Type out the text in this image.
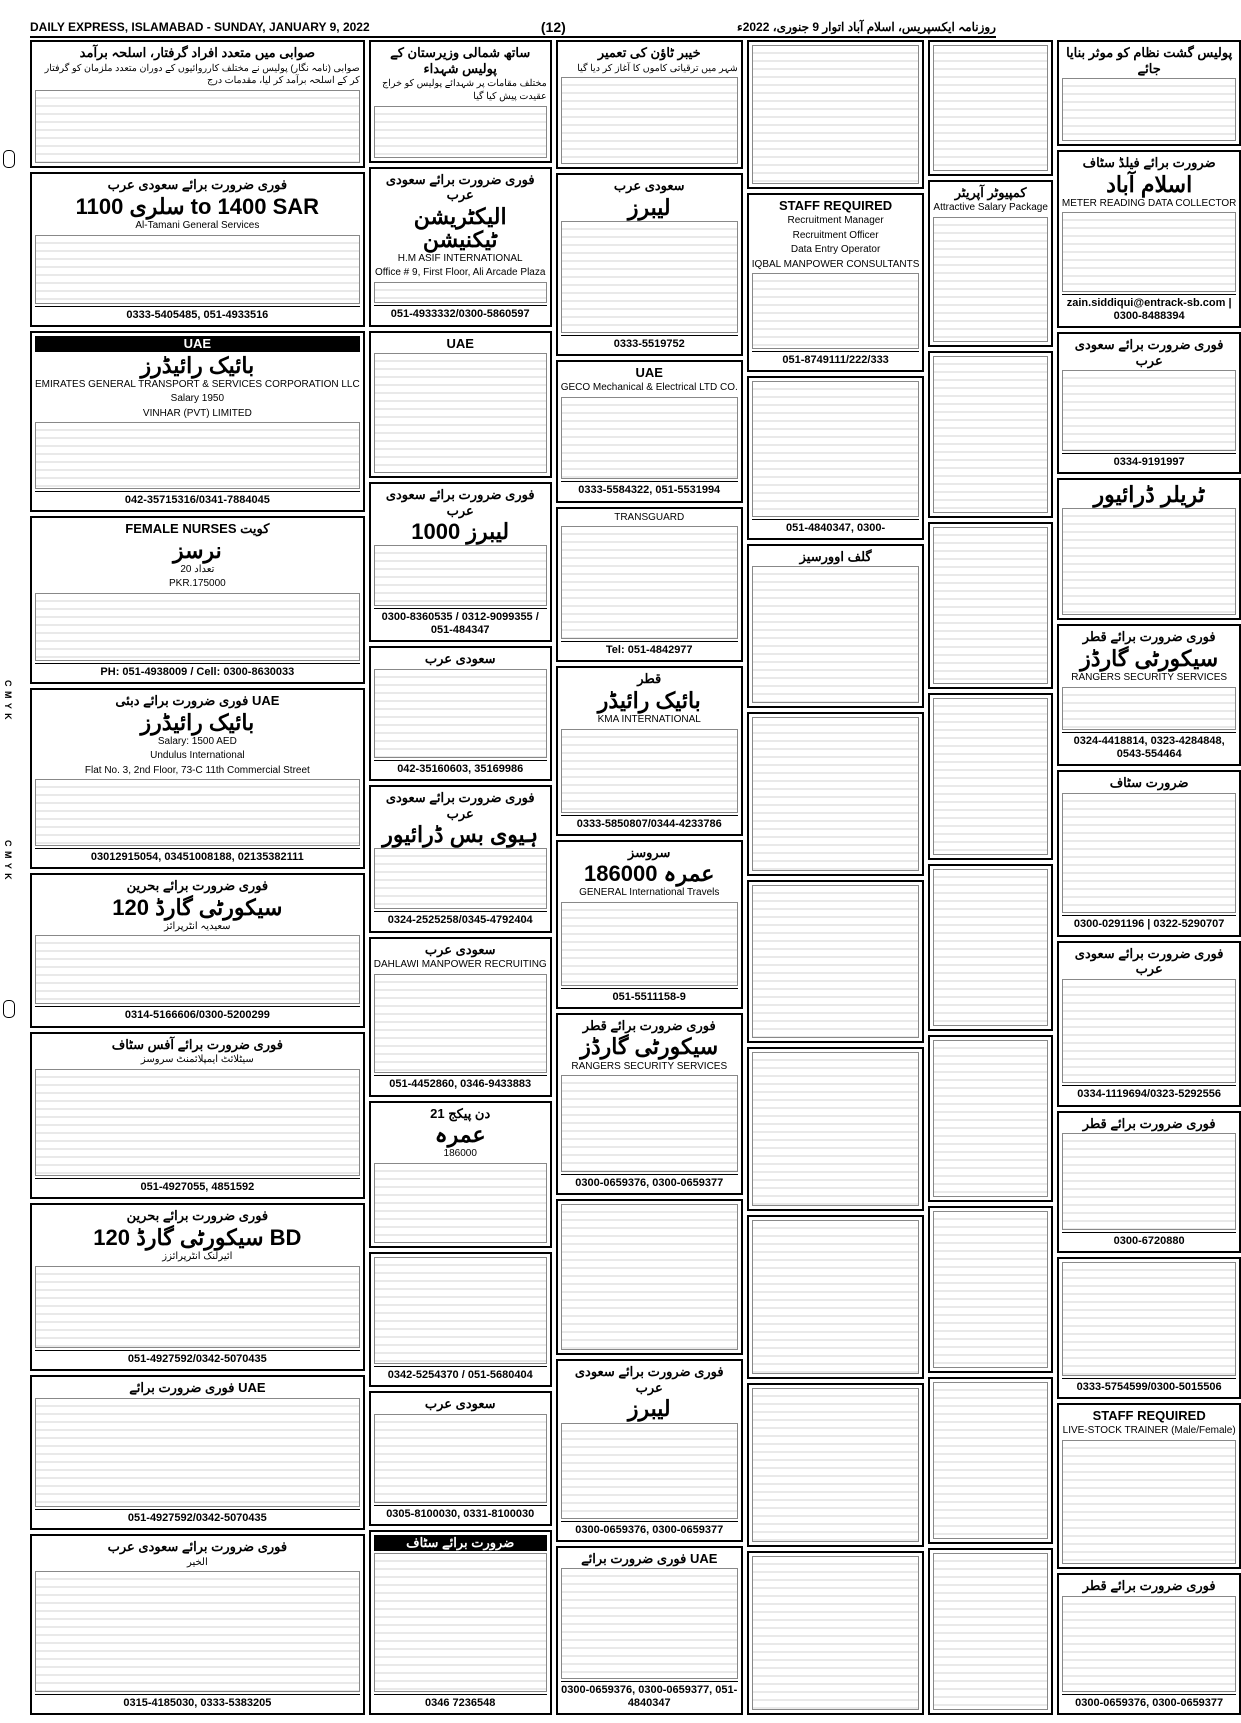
DAILY EXPRESS, ISLAMABAD - SUNDAY, JANUARY 9, 2022	(12)	روزنامہ ایکسپریس، اسلام آباد اتوار 9 جنوری، 2022ء
C M Y K
C M Y K
صوابی میں متعدد افراد گرفتار، اسلحہ برآمد
صوابی (نامہ نگار) پولیس نے مختلف کارروائیوں کے دوران متعدد ملزمان کو گرفتار کر کے اسلحہ برآمد کر لیا، مقدمات درج
فوری ضرورت برائے سعودی عرب
سلری 1100 to 1400 SAR
Al-Tamani General Services
0333-5405485, 051-4933516
UAE
بائیک رائیڈرز
EMIRATES GENERAL TRANSPORT & SERVICES CORPORATION LLC
Salary 1950
VINHAR (PVT) LIMITED
042-35715316/0341-7884045
FEMALE NURSES کویت
نرسز
تعداد 20
PKR.175000
PH: 051-4938009 / Cell: 0300-8630033
فوری ضرورت برائے دبئی UAE
بائیک رائیڈرز
Salary: 1500 AED
Undulus International
Flat No. 3, 2nd Floor, 73-C 11th Commercial Street
03012915054, 03451008188, 02135382111
فوری ضرورت برائے بحرین
سیکورٹی گارڈ 120
سعیدیہ انٹرپرائز
0314-5166606/0300-5200299
فوری ضرورت برائے آفس سٹاف
سیٹلائٹ ایمپلائمنٹ سروسز
051-4927055, 4851592
فوری ضرورت برائے بحرین
سیکورٹی گارڈ 120 BD
ائیرلنک انٹرپرائزز
051-4927592/0342-5070435
فوری ضرورت برائے UAE
051-4927592/0342-5070435
فوری ضرورت برائے سعودی عرب
الخیر
0315-4185030, 0333-5383205
ساتھ شمالی وزیرستان کے پولیس شہداء
مختلف مقامات پر شہدائے پولیس کو خراج عقیدت پیش کیا گیا
فوری ضرورت برائے سعودی عرب
الیکٹریشن ٹیکنیشن
H.M ASIF INTERNATIONAL
Office # 9, First Floor, Ali Arcade Plaza
051-4933332/0300-5860597
UAE
فوری ضرورت برائے سعودی عرب
لیبرز 1000
0300-8360535 / 0312-9099355 / 051-484347
سعودی عرب
042-35160603, 35169986
فوری ضرورت برائے سعودی عرب
ہیوی بس ڈرائیور
0324-2525258/0345-4792404
سعودی عرب
DAHLAWI MANPOWER RECRUITING
051-4452860, 0346-9433883
21 دن پیکج
عمرہ
186000
0342-5254370 / 051-5680404
سعودی عرب
0305-8100030, 0331-8100030
ضرورت برائے سٹاف
0346 7236548
خیبر ٹاؤن کی تعمیر
شہر میں ترقیاتی کاموں کا آغاز کر دیا گیا
سعودی عرب
لیبرز
0333-5519752
UAE
GECO Mechanical & Electrical LTD CO.
0333-5584322, 051-5531994
TRANSGUARD
Tel: 051-4842977
قطر
بائیک رائیڈر
KMA INTERNATIONAL
0333-5850807/0344-4233786
سروسز
عمرہ 186000
GENERAL International Travels
051-5511158-9
فوری ضرورت برائے قطر
سیکورٹی گارڈز
RANGERS SECURITY SERVICES
0300-0659376, 0300-0659377
فوری ضرورت برائے سعودی عرب
لیبرز
0300-0659376, 0300-0659377
فوری ضرورت برائے UAE
0300-0659376, 0300-0659377, 051-4840347
STAFF REQUIRED
Recruitment Manager
Recruitment Officer
Data Entry Operator
IQBAL MANPOWER CONSULTANTS
051-8749111/222/333
051-4840347, 0300-
گلف اوورسیز
کمپیوٹر آپریٹر
Attractive Salary Package
پولیس گشت نظام کو موثر بنایا جائے
ضرورت برائے فیلڈ سٹاف
اسلام آباد
METER READING DATA COLLECTOR
zain.siddiqui@entrack-sb.com | 0300-8488394
فوری ضرورت برائے سعودی عرب
0334-9191997
ٹریلر ڈرائیور
فوری ضرورت برائے قطر
سیکورٹی گارڈز
RANGERS SECURITY SERVICES
0324-4418814, 0323-4284848, 0543-554464
ضرورت سٹاف
0300-0291196 | 0322-5290707
فوری ضرورت برائے سعودی عرب
0334-1119694/0323-5292556
فوری ضرورت برائے قطر
0300-6720880
0333-5754599/0300-5015506
STAFF REQUIRED
LIVE-STOCK TRAINER (Male/Female)
فوری ضرورت برائے قطر
0300-0659376, 0300-0659377
